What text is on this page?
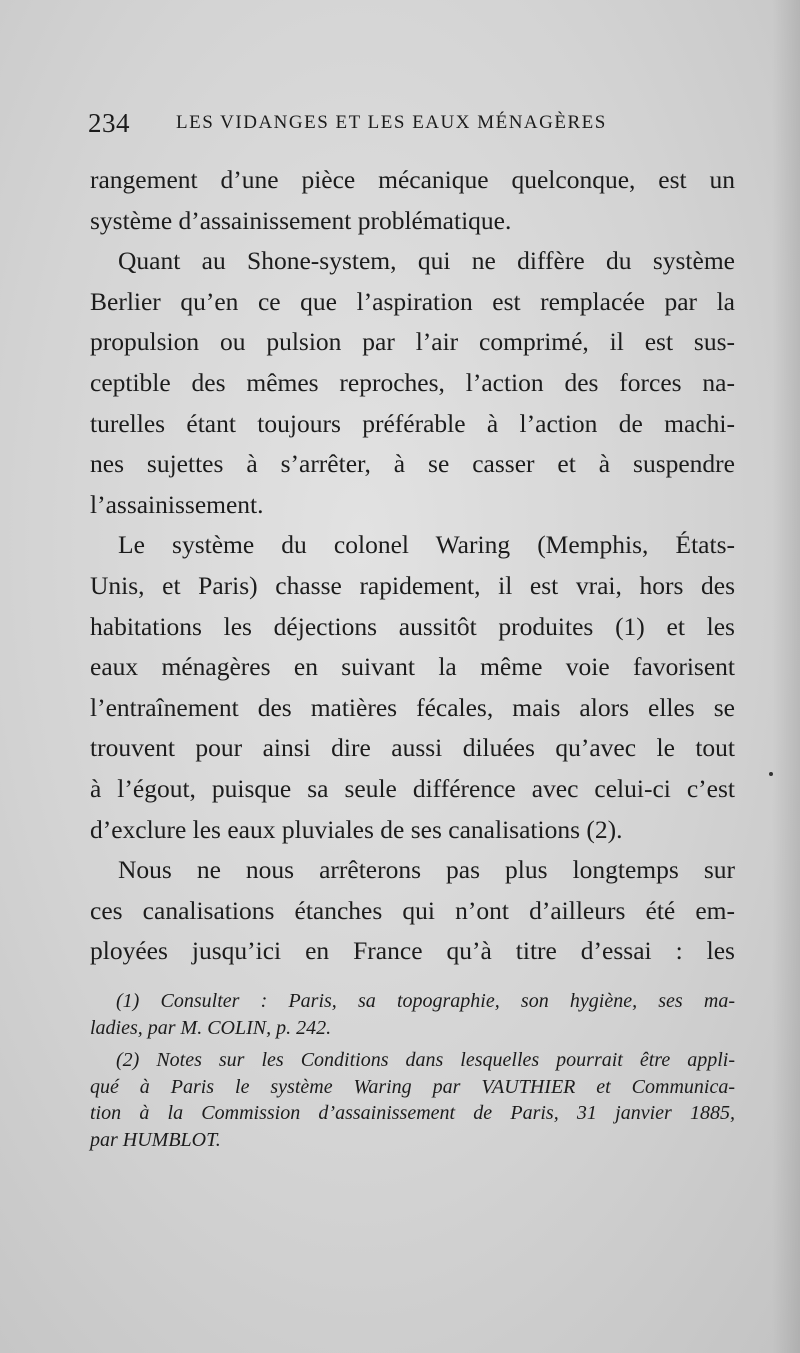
234 LES VIDANGES ET LES EAUX MÉNAGÈRES
rangement d’une pièce mécanique quelconque, est un
système d’assainissement problématique.
Quant au Shone-system, qui ne diffère du système
Berlier qu’en ce que l’aspiration est remplacée par la
propulsion ou pulsion par l’air comprimé, il est sus-
ceptible des mêmes reproches, l’action des forces na-
turelles étant toujours préférable à l’action de machi-
nes sujettes à s’arrêter, à se casser et à suspendre
l’assainissement.
Le système du colonel Waring (Memphis, États-
Unis, et Paris) chasse rapidement, il est vrai, hors des
habitations les déjections aussitôt produites (1) et les
eaux ménagères en suivant la même voie favorisent
l’entraînement des matières fécales, mais alors elles se
trouvent pour ainsi dire aussi diluées qu’avec le tout
à l’égout, puisque sa seule différence avec celui-ci c’est
d’exclure les eaux pluviales de ses canalisations (2).
Nous ne nous arrêterons pas plus longtemps sur
ces canalisations étanches qui n’ont d’ailleurs été em-
ployées jusqu’ici en France qu’à titre d’essai : les
(1) Consulter : Paris, sa topographie, son hygiène, ses ma-
ladies, par M. COLIN, p. 242.
(2) Notes sur les Conditions dans lesquelles pourrait être appli-
qué à Paris le système Waring par VAUTHIER et Communica-
tion à la Commission d’assainissement de Paris, 31 janvier 1885,
par HUMBLOT.
